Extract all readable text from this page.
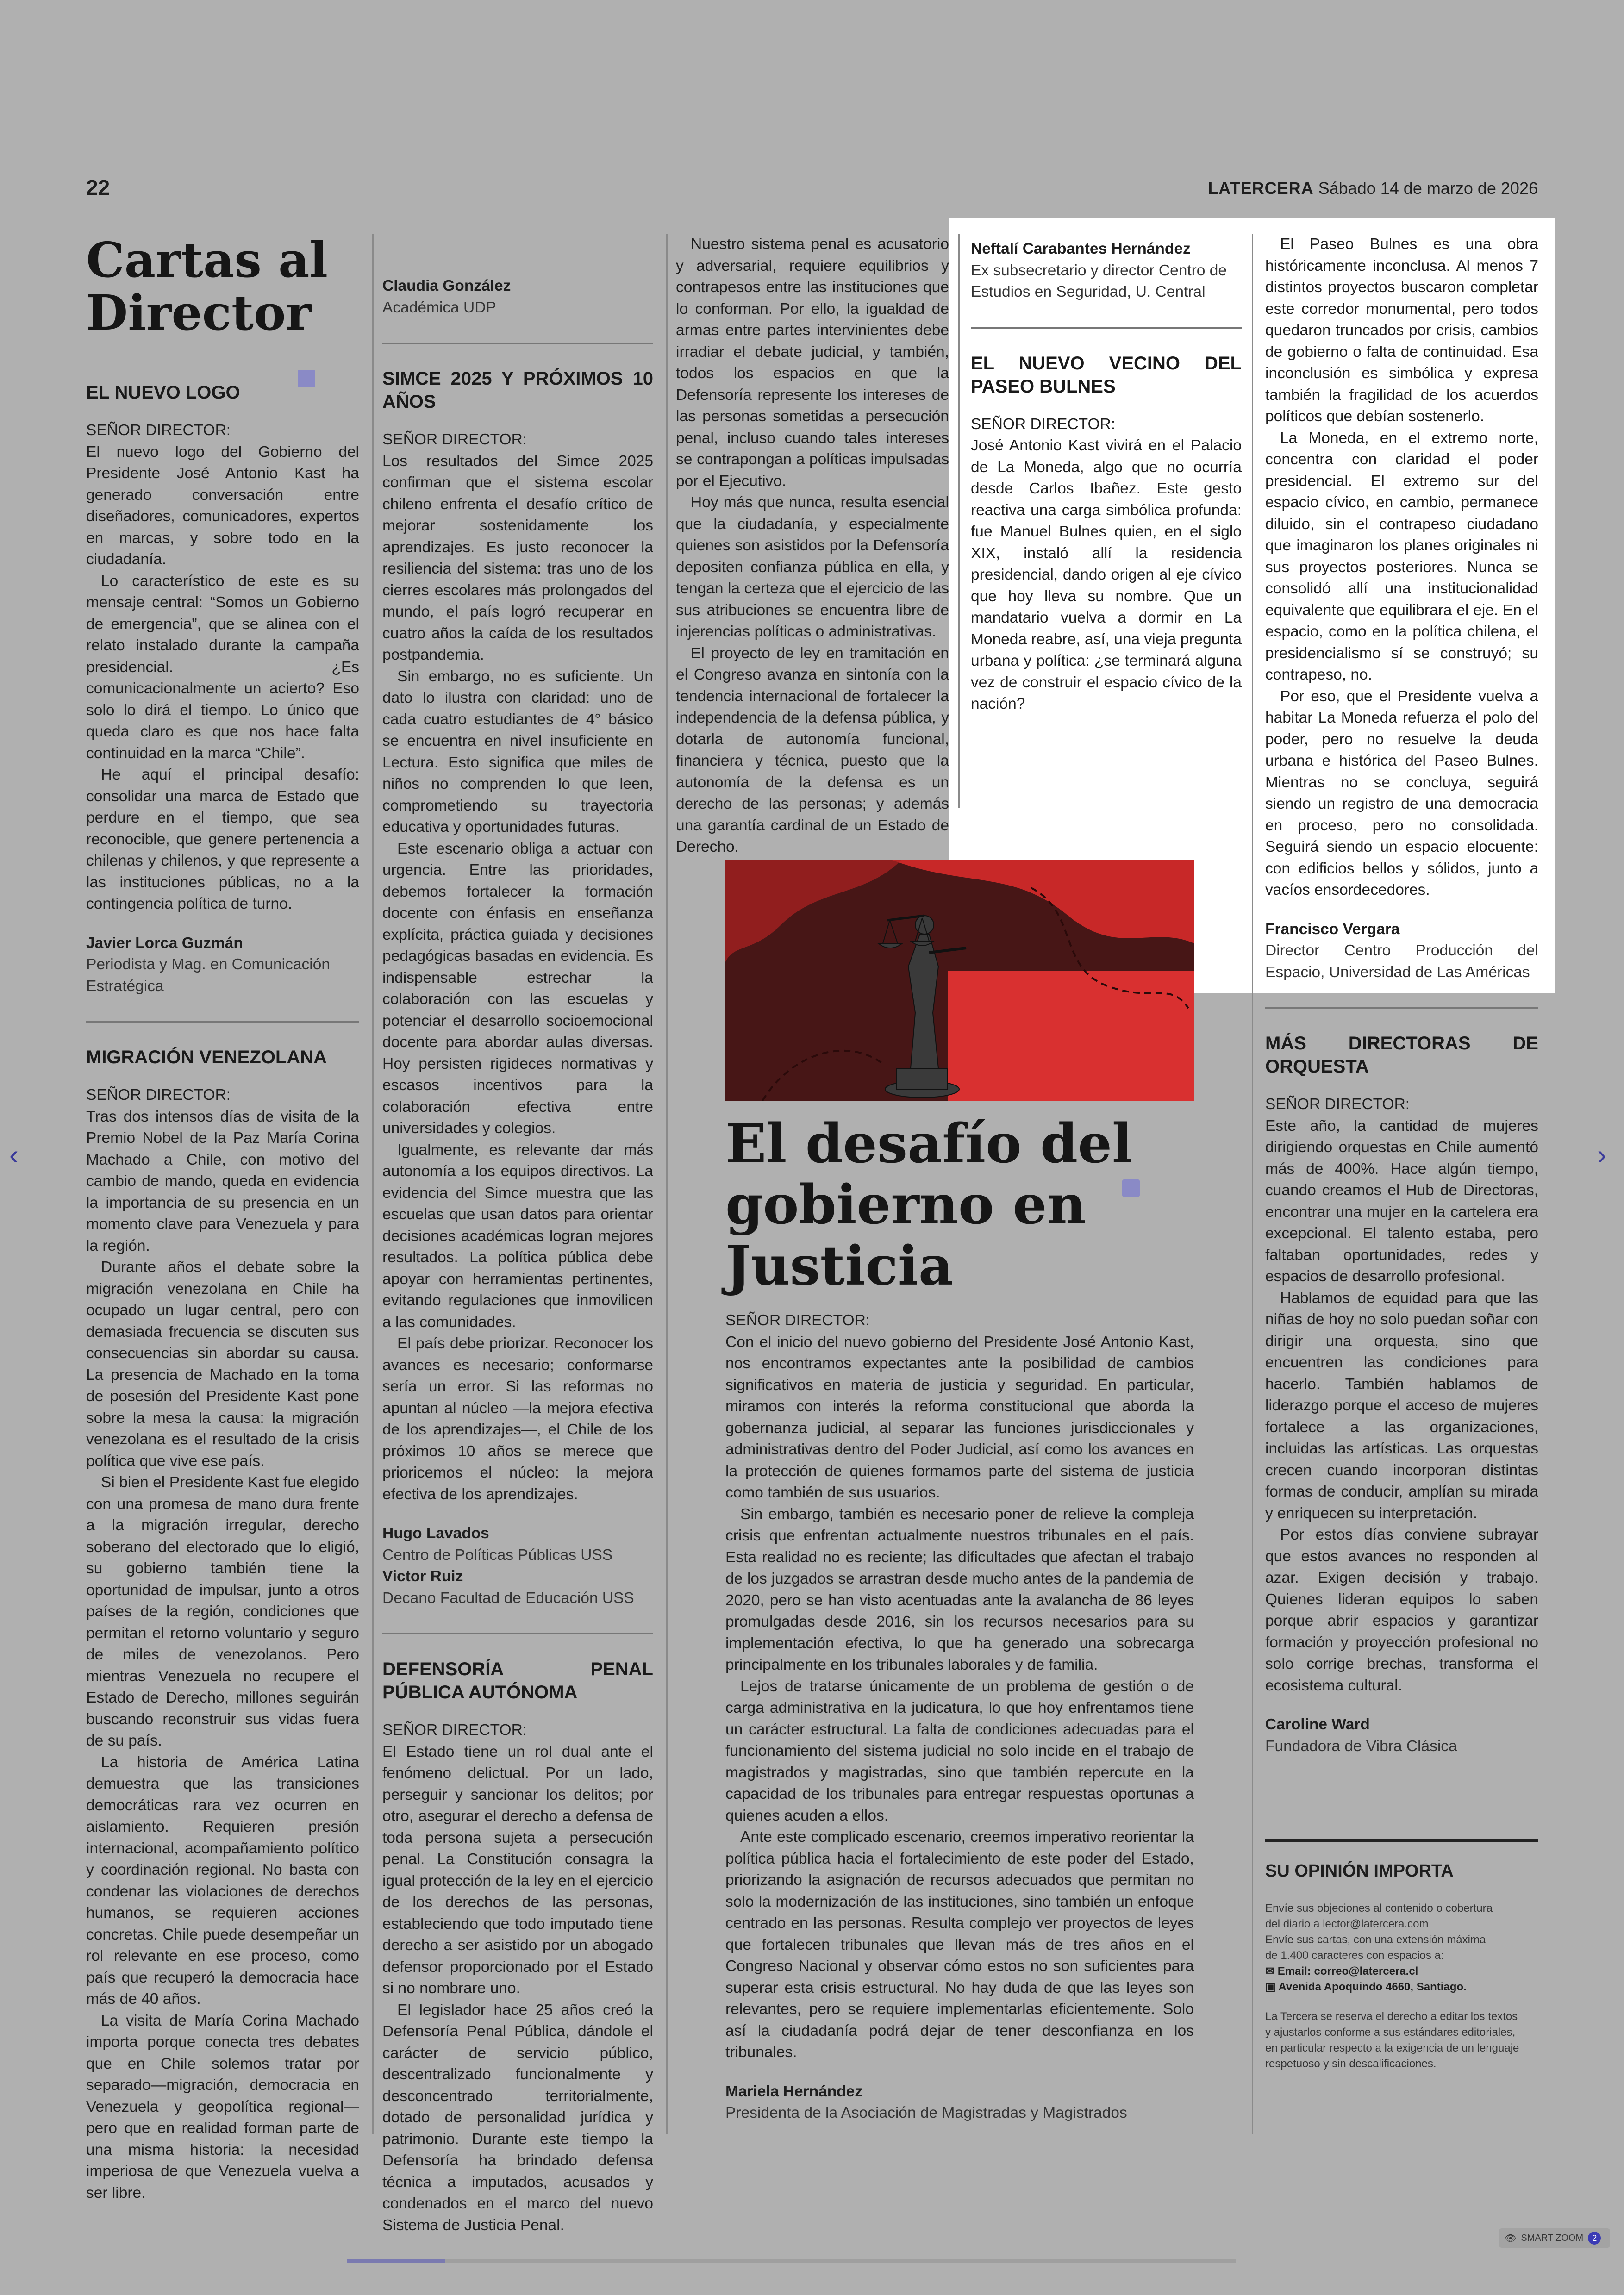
22	LATERCERA Sábado 14 de marzo de 2026
Cartas al
Director
EL NUEVO LOGO

SEÑOR DIRECTOR:

El nuevo logo del Gobierno del Presidente José Antonio Kast ha generado conversación entre diseñadores, comunicadores, expertos en marcas, y sobre todo en la ciudadanía.

Lo característico de este es su mensaje central: “Somos un Gobierno de emergencia”, que se alinea con el relato instalado durante la campaña presidencial. ¿Es comunicacionalmente un acierto? Eso solo lo dirá el tiempo. Lo único que queda claro es que nos hace falta continuidad en la marca “Chile”.

He aquí el principal desafío: consolidar una marca de Estado que perdure en el tiempo, que sea reconocible, que genere pertenencia a chilenas y chilenos, y que represente a las instituciones públicas, no a la contingencia política de turno.

Javier Lorca Guzmán
Periodista y Mag. en Comunicación
Estratégica
MIGRACIÓN VENEZOLANA

SEÑOR DIRECTOR:

Tras dos intensos días de visita de la Premio Nobel de la Paz María Corina Machado a Chile, con motivo del cambio de mando, queda en evidencia la importancia de su presencia en un momento clave para Venezuela y para la región.

Durante años el debate sobre la migración venezolana en Chile ha ocupado un lugar central, pero con demasiada frecuencia se discuten sus consecuencias sin abordar su causa. La presencia de Machado en la toma de posesión del Presidente Kast pone sobre la mesa la causa: la migración venezolana es el resultado de la crisis política que vive ese país.

Si bien el Presidente Kast fue elegido con una promesa de mano dura frente a la migración irregular, derecho soberano del electorado que lo eligió, su gobierno también tiene la oportunidad de impulsar, junto a otros países de la región, condiciones que permitan el retorno voluntario y seguro de miles de venezolanos. Pero mientras Venezuela no recupere el Estado de Derecho, millones seguirán buscando reconstruir sus vidas fuera de su país.

La historia de América Latina demuestra que las transiciones democráticas rara vez ocurren en aislamiento. Requieren presión internacional, acompañamiento político y coordinación regional. No basta con condenar las violaciones de derechos humanos, se requieren acciones concretas. Chile puede desempeñar un rol relevante en ese proceso, como país que recuperó la democracia hace más de 40 años.

La visita de María Corina Machado importa porque conecta tres debates que en Chile solemos tratar por separado—migración, democracia en Venezuela y geopolítica regional— pero que en realidad forman parte de una misma historia: la necesidad imperiosa de que Venezuela vuelva a ser libre.

Claudia González
Académica UDP
SIMCE 2025 Y PRÓXIMOS 10 AÑOS

SEÑOR DIRECTOR:

Los resultados del Simce 2025 confirman que el sistema escolar chileno enfrenta el desafío crítico de mejorar sostenidamente los aprendizajes. Es justo reconocer la resiliencia del sistema: tras uno de los cierres escolares más prolongados del mundo, el país logró recuperar en cuatro años la caída de los resultados postpandemia.

Sin embargo, no es suficiente. Un dato lo ilustra con claridad: uno de cada cuatro estudiantes de 4° básico se encuentra en nivel insuficiente en Lectura. Esto significa que miles de niños no comprenden lo que leen, comprometiendo su trayectoria educativa y oportunidades futuras.

Este escenario obliga a actuar con urgencia. Entre las prioridades, debemos fortalecer la formación docente con énfasis en enseñanza explícita, práctica guiada y decisiones pedagógicas basadas en evidencia. Es indispensable estrechar la colaboración con las escuelas y potenciar el desarrollo socioemocional docente para abordar aulas diversas. Hoy persisten rigideces normativas y escasos incentivos para la colaboración efectiva entre universidades y colegios.

Igualmente, es relevante dar más autonomía a los equipos directivos. La evidencia del Simce muestra que las escuelas que usan datos para orientar decisiones académicas logran mejores resultados. La política pública debe apoyar con herramientas pertinentes, evitando regulaciones que inmovilicen a las comunidades.

El país debe priorizar. Reconocer los avances es necesario; conformarse sería un error. Si las reformas no apuntan al núcleo —la mejora efectiva de los aprendizajes—, el Chile de los próximos 10 años se merece que prioricemos el núcleo: la mejora efectiva de los aprendizajes.

Hugo Lavados
Centro de Políticas Públicas USS
Victor Ruiz
Decano Facultad de Educación USS
DEFENSORÍA PENAL PÚBLICA AUTÓNOMA

SEÑOR DIRECTOR:

El Estado tiene un rol dual ante el fenómeno delictual. Por un lado, perseguir y sancionar los delitos; por otro, asegurar el derecho a defensa de toda persona sujeta a persecución penal. La Constitución consagra la igual protección de la ley en el ejercicio de los derechos de las personas, estableciendo que todo imputado tiene derecho a ser asistido por un abogado defensor proporcionado por el Estado si no nombrare uno.

El legislador hace 25 años creó la Defensoría Penal Pública, dándole el carácter de servicio público, descentralizado funcionalmente y desconcentrado territorialmente, dotado de personalidad jurídica y patrimonio. Durante este tiempo la Defensoría ha brindado defensa técnica a imputados, acusados y condenados en el marco del nuevo Sistema de Justicia Penal.

Nuestro sistema penal es acusatorio y adversarial, requiere equilibrios y contrapesos entre las instituciones que lo conforman. Por ello, la igualdad de armas entre partes intervinientes debe irradiar el debate judicial, y también, todos los espacios en que la Defensoría represente los intereses de las personas sometidas a persecución penal, incluso cuando tales intereses se contrapongan a políticas impulsadas por el Ejecutivo.

Hoy más que nunca, resulta esencial que la ciudadanía, y especialmente quienes son asistidos por la Defensoría depositen confianza pública en ella, y tengan la certeza que el ejercicio de las sus atribuciones se encuentra libre de injerencias políticas o administrativas.

El proyecto de ley en tramitación en el Congreso avanza en sintonía con la tendencia internacional de fortalecer la independencia de la defensa pública, y dotarla de autonomía funcional, financiera y técnica, puesto que la autonomía de la defensa es un derecho de las personas; y además una garantía cardinal de un Estado de Derecho.

Neftalí Carabantes Hernández
Ex subsecretario y director Centro de
Estudios en Seguridad, U. Central
EL NUEVO VECINO DEL PASEO BULNES

SEÑOR DIRECTOR:

José Antonio Kast vivirá en el Palacio de La Moneda, algo que no ocurría desde Carlos Ibañez. Este gesto reactiva una carga simbólica profunda: fue Manuel Bulnes quien, en el siglo XIX, instaló allí la residencia presidencial, dando origen al eje cívico que hoy lleva su nombre. Que un mandatario vuelva a dormir en La Moneda reabre, así, una vieja pregunta urbana y política: ¿se terminará alguna vez de construir el espacio cívico de la nación?

El Paseo Bulnes es una obra históricamente inconclusa. Al menos 7 distintos proyectos buscaron completar este corredor monumental, pero todos quedaron truncados por crisis, cambios de gobierno o falta de continuidad. Esa inconclusión es simbólica y expresa también la fragilidad de los acuerdos políticos que debían sostenerlo.

La Moneda, en el extremo norte, concentra con claridad el poder presidencial. El extremo sur del espacio cívico, en cambio, permanece diluido, sin el contrapeso ciudadano que imaginaron los planes originales ni sus proyectos posteriores. Nunca se consolidó allí una institucionalidad equivalente que equilibrara el eje. En el espacio, como en la política chilena, el presidencialismo sí se construyó; su contrapeso, no.

Por eso, que el Presidente vuelva a habitar La Moneda refuerza el polo del poder, pero no resuelve la deuda urbana e histórica del Paseo Bulnes. Mientras no se concluya, seguirá siendo un registro de una democracia en proceso, pero no consolidada. Seguirá siendo un espacio elocuente: con edificios bellos y sólidos, junto a vacíos ensordecedores.

Francisco Vergara
Director Centro Producción del Espacio, Universidad de Las Américas
MÁS DIRECTORAS DE ORQUESTA

SEÑOR DIRECTOR:

Este año, la cantidad de mujeres dirigiendo orquestas en Chile aumentó más de 400%. Hace algún tiempo, cuando creamos el Hub de Directoras, encontrar una mujer en la cartelera era excepcional. El talento estaba, pero faltaban oportunidades, redes y espacios de desarrollo profesional.

Hablamos de equidad para que las niñas de hoy no solo puedan soñar con dirigir una orquesta, sino que encuentren las condiciones para hacerlo. También hablamos de liderazgo porque el acceso de mujeres fortalece a las organizaciones, incluidas las artísticas. Las orquestas crecen cuando incorporan distintas formas de conducir, amplían su mirada y enriquecen su interpretación.

Por estos días conviene subrayar que estos avances no responden al azar. Exigen decisión y trabajo. Quienes lideran equipos lo saben porque abrir espacios y garantizar formación y proyección profesional no solo corrige brechas, transforma el ecosistema cultural.

Caroline Ward
Fundadora de Vibra Clásica
SU OPINIÓN IMPORTA
Envíe sus objeciones al contenido o cobertura
del diario a lector@latercera.com
Envíe sus cartas, con una extensión máxima
de 1.400 caracteres con espacios a:
✉ Email: correo@latercera.cl
▣ Avenida Apoquindo 4660, Santiago.
La Tercera se reserva el derecho a editar los textos
y ajustarlos conforme a sus estándares editoriales,
en particular respecto a la exigencia de un lenguaje
respetuoso y sin descalificaciones.
El desafío del
gobierno en
Justicia

SEÑOR DIRECTOR:

Con el inicio del nuevo gobierno del Presidente José Antonio Kast, nos encontramos expectantes ante la posibilidad de cambios significativos en materia de justicia y seguridad. En particular, miramos con interés la reforma constitucional que aborda la gobernanza judicial, al separar las funciones jurisdiccionales y administrativas dentro del Poder Judicial, así como los avances en la protección de quienes formamos parte del sistema de justicia como también de sus usuarios.

Sin embargo, también es necesario poner de relieve la compleja crisis que enfrentan actualmente nuestros tribunales en el país. Esta realidad no es reciente; las dificultades que afectan el trabajo de los juzgados se arrastran desde mucho antes de la pandemia de 2020, pero se han visto acentuadas ante la avalancha de 86 leyes promulgadas desde 2016, sin los recursos necesarios para su implementación efectiva, lo que ha generado una sobrecarga principalmente en los tribunales laborales y de familia.

Lejos de tratarse únicamente de un problema de gestión o de carga administrativa en la judicatura, lo que hoy enfrentamos tiene un carácter estructural. La falta de condiciones adecuadas para el funcionamiento del sistema judicial no solo incide en el trabajo de magistrados y magistradas, sino que también repercute en la capacidad de los tribunales para entregar respuestas oportunas a quienes acuden a ellos.

Ante este complicado escenario, creemos imperativo reorientar la política pública hacia el fortalecimiento de este poder del Estado, priorizando la asignación de recursos adecuados que permitan no solo la modernización de las instituciones, sino también un enfoque centrado en las personas. Resulta complejo ver proyectos de leyes que fortalecen tribunales que llevan más de tres años en el Congreso Nacional y observar cómo estos no son suficientes para superar esta crisis estructural. No hay duda de que las leyes son relevantes, pero se requiere implementarlas eficientemente. Solo así la ciudadanía podrá dejar de tener desconfianza en los tribunales.

Mariela Hernández
Presidenta de la Asociación de Magistradas y Magistrados
‹	›
👁 SMART ZOOM	2
